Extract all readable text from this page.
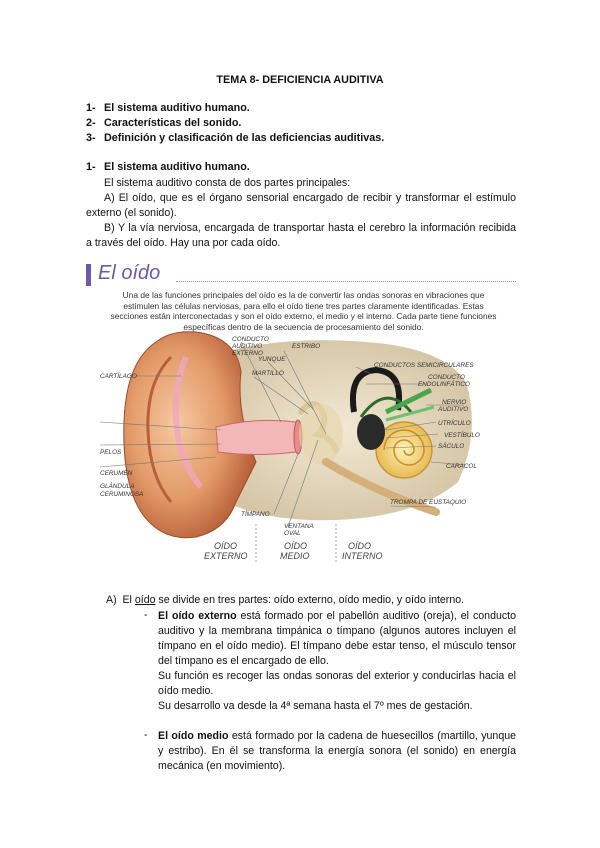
TEMA 8- DEFICIENCIA AUDITIVA
1- El sistema auditivo humano.
2- Características del sonido.
3- Definición y clasificación de las deficiencias auditivas.
1- El sistema auditivo humano.
El sistema auditivo consta de dos partes principales:
A) El oído, que es el órgano sensorial encargado de recibir y transformar el estímulo externo (el sonido).
B) Y la vía nerviosa, encargada de transportar hasta el cerebro la información recibida a través del oído. Hay una por cada oído.
El oído
Una de las funciones principales del oído es la de convertir las ondas sonoras en vibraciones que estimulen las células nerviosas, para ello el oído tiene tres partes claramente identificadas. Estas secciones están interconectadas y son el oído externo, el medio y el interno. Cada parte tiene funciones específicas dentro de la secuencia de procesamiento del sonido.
CARTÍLAGO
PELOS
CERUMEN
GLÁNDULA
CERUMINOSA
CONDUCTO
AUDITIVO
EXTERNO
YUNQUE
ESTRIBO
MARTILLO
TÍMPANO
VENTANA
OVAL
CONDUCTOS SEMICIRCULARES
CONDUCTO
ENDOLINFÁTICO
NERVIO
AUDITIVO
UTRÍCULO
VESTÍBULO
SÁCULO
CARACOL
TROMPA DE EUSTAQUIO
OÍDO
EXTERNO
OÍDO
MEDIO
OÍDO
INTERNO
A) El oído se divide en tres partes: oído externo, oído medio, y oído interno.
- El oído externo está formado por el pabellón auditivo (oreja), el conducto auditivo y la membrana timpánica o tímpano (algunos autores incluyen el tímpano en el oído medio). El tímpano debe estar tenso, el músculo tensor del tímpano es el encargado de ello.

Su función es recoger las ondas sonoras del exterior y conducirlas hacia el oído medio.

Su desarrollo va desde la 4ª semana hasta el 7º mes de gestación.

- El oído medio está formado por la cadena de huesecillos (martillo, yunque y estribo). En él se transforma la energía sonora (el sonido) en energía mecánica (en movimiento).
